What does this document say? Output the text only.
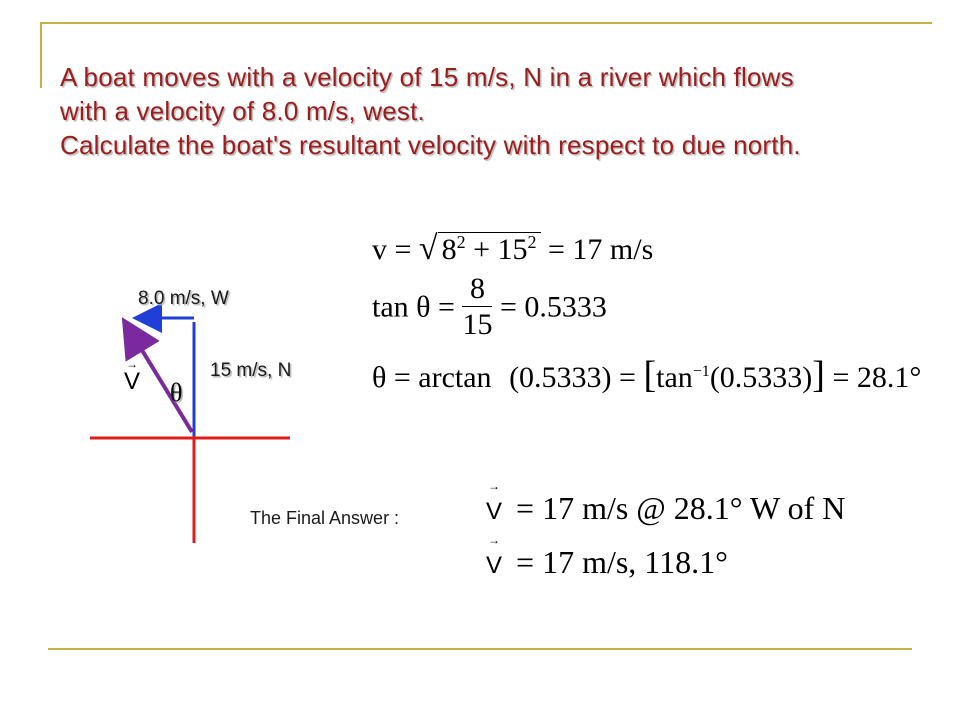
A boat moves with a velocity of 15 m/s, N in a river which flows
with a velocity of 8.0 m/s, west.
Calculate the boat's resultant velocity with respect to due north.
8.0 m/s, W
15 m/s, N
→
V θ
v = √ $8^2 + 15^2 = 17$ m/s
$\tan \theta = \frac{8}{15} = 0.5333$
$\theta = \arctan (0.5333) = [\tan^{-1}(0.5333)] = 28.1^\circ$
The Final Answer :
→
V = 17 m/s @ 28.1° W of N
→
V = 17 m/s, 118.1°
